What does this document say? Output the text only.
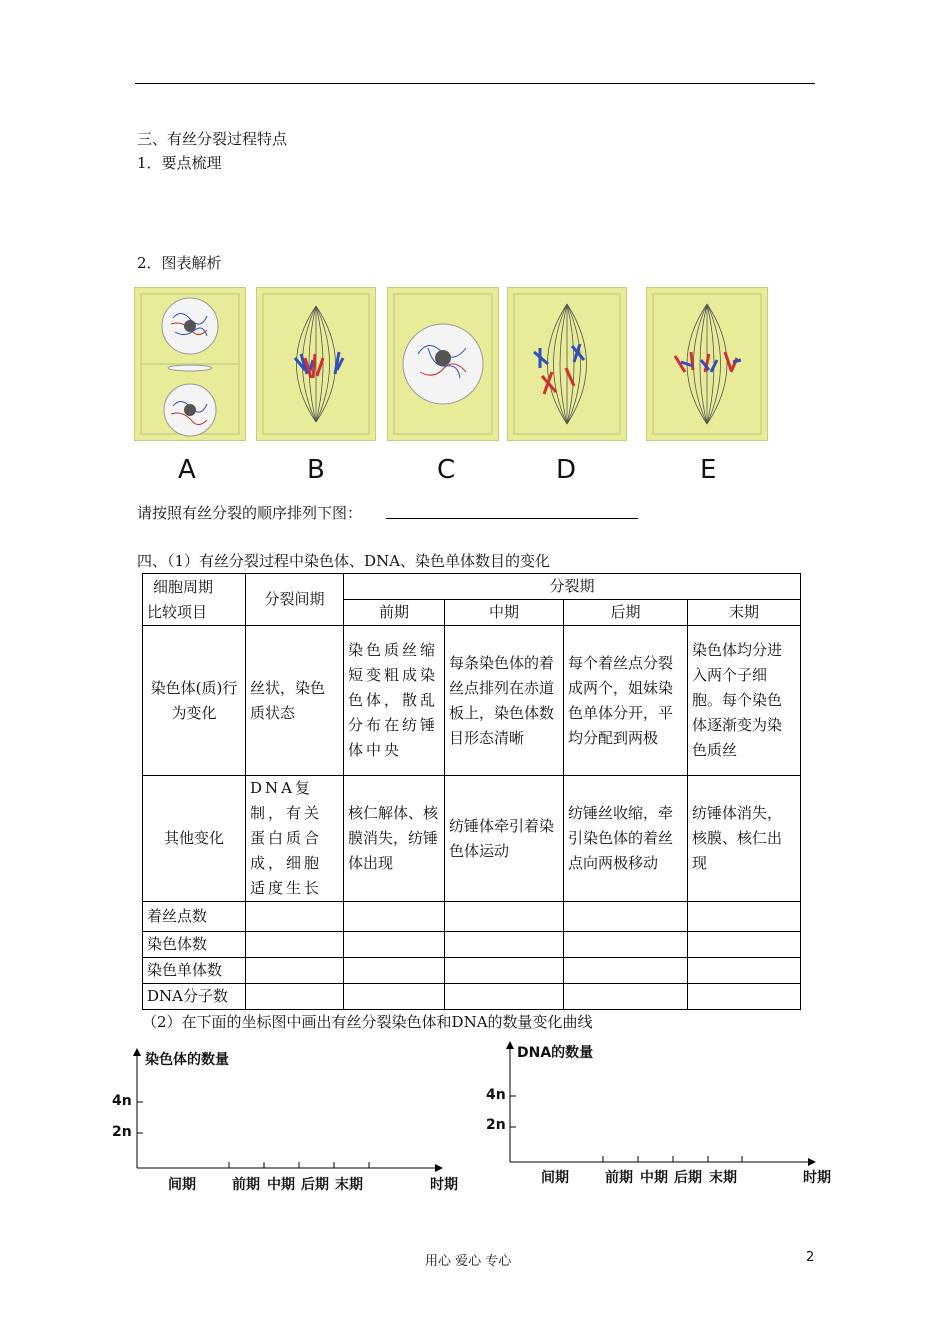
三、有丝分裂过程特点
1．要点梳理
2．图表解析
A	B	C	D	E
请按照有丝分裂的顺序排列下图：
四、（1）有丝分裂过程中染色体、DNA、染色单体数目的变化
细胞周期
比较项目	分裂间期	分裂期			
		前期	中期	后期	末期
染色体(质)行为变化	丝状，染色质状态	染色质丝缩短变粗成染色体，散乱分布在纺锤体中央	每条染色体的着丝点排列在赤道板上，染色体数目形态清晰	每个着丝点分裂成两个，姐妹染色单体分开，平均分配到两极	染色体均分进入两个子细胞。每个染色体逐渐变为染色质丝
其他变化	DNA复制，有关蛋白质合成，细胞适度生长	核仁解体、核膜消失，纺锤体出现	纺锤体牵引着染色体运动	纺锤丝收缩，牵引染色体的着丝点向两极移动	纺锤体消失，核膜、核仁出现
着丝点数					
染色体数					
染色单体数					
DNA分子数					
（2）在下面的坐标图中画出有丝分裂染色体和DNA的数量变化曲线
染色体的数量
4n
2n
间期	前期 中期 后期 末期	时期
DNA的数量
4n
2n
间期	前期 中期 后期 末期	时期
用心 爱心 专心	2
